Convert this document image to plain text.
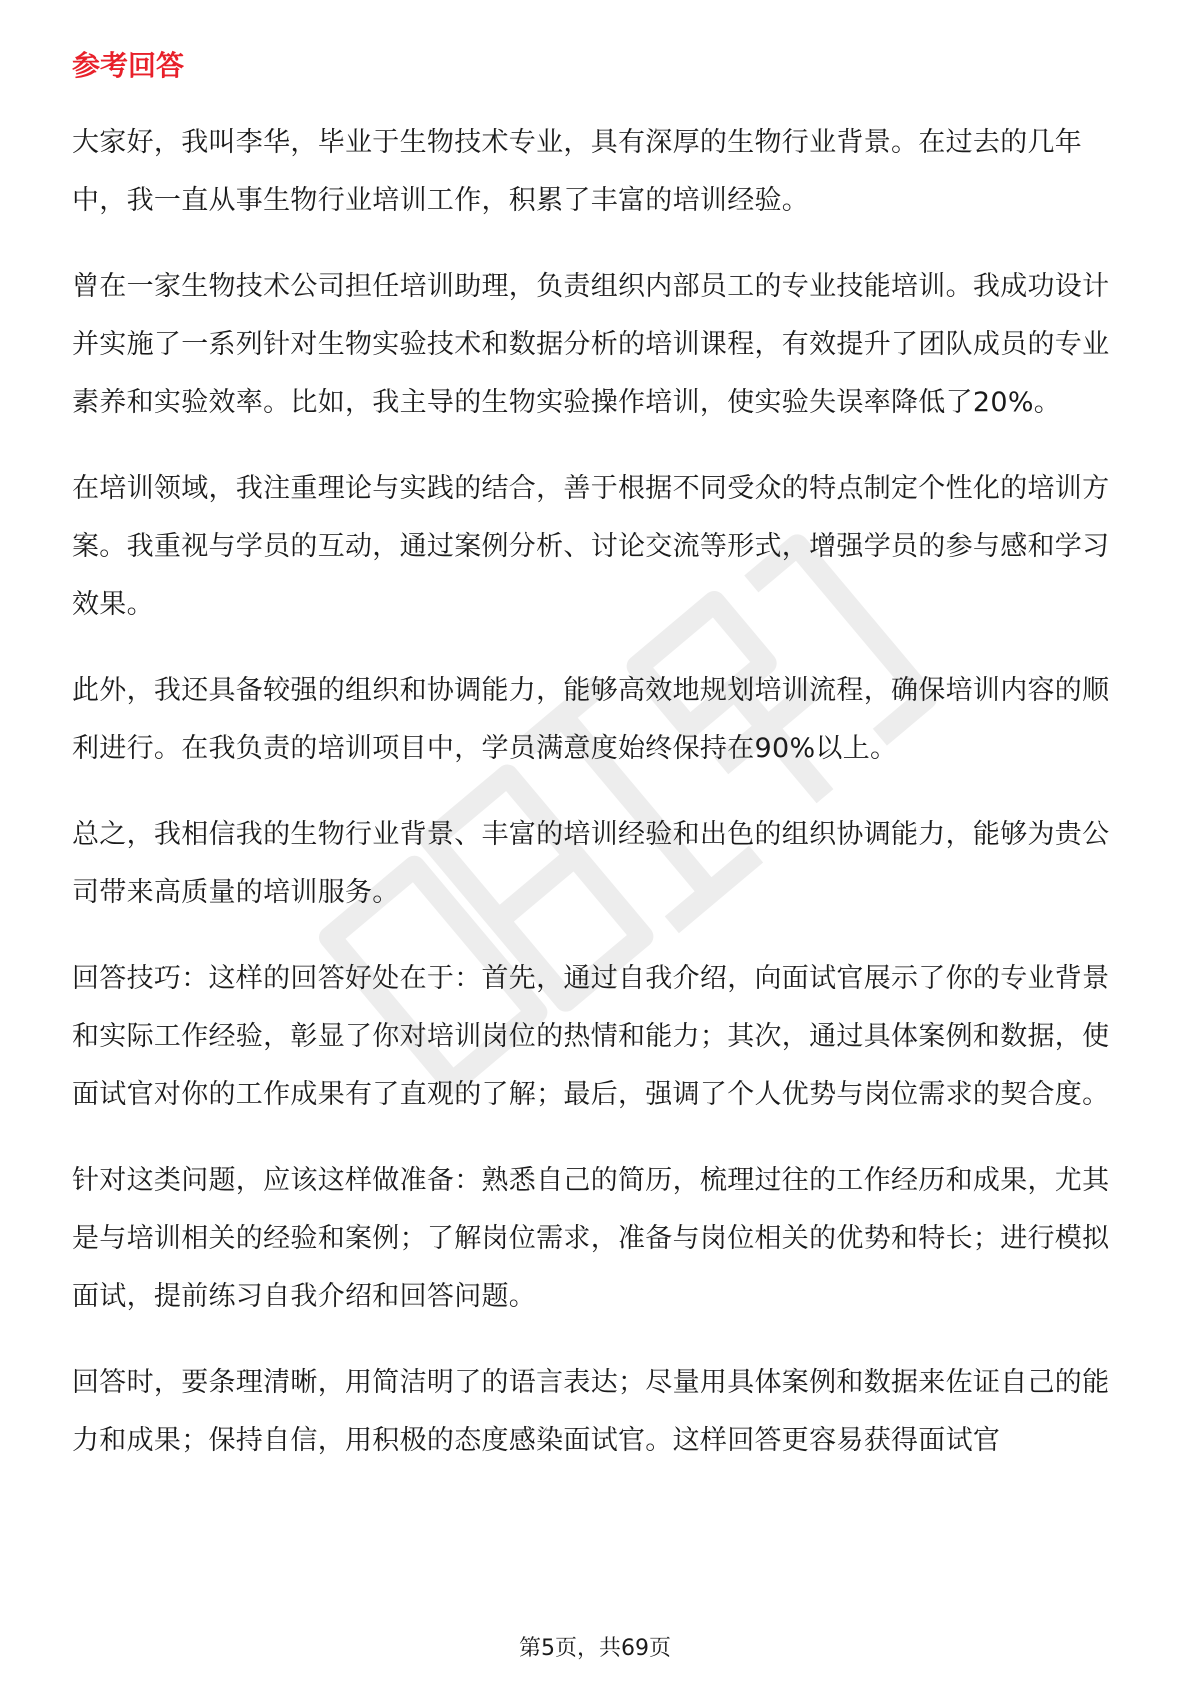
参考回答

大家好，我叫李华，毕业于生物技术专业，具有深厚的生物行业背景。在过去的几年中，我一直从事生物行业培训工作，积累了丰富的培训经验。

曾在一家生物技术公司担任培训助理，负责组织内部员工的专业技能培训。我成功设计并实施了一系列针对生物实验技术和数据分析的培训课程，有效提升了团队成员的专业素养和实验效率。比如，我主导的生物实验操作培训，使实验失误率降低了20%。

在培训领域，我注重理论与实践的结合，善于根据不同受众的特点制定个性化的培训方案。我重视与学员的互动，通过案例分析、讨论交流等形式，增强学员的参与感和学习效果。

此外，我还具备较强的组织和协调能力，能够高效地规划培训流程，确保培训内容的顺利进行。在我负责的培训项目中，学员满意度始终保持在90%以上。

总之，我相信我的生物行业背景、丰富的培训经验和出色的组织协调能力，能够为贵公司带来高质量的培训服务。

回答技巧：这样的回答好处在于：首先，通过自我介绍，向面试官展示了你的专业背景和实际工作经验，彰显了你对培训岗位的热情和能力；其次，通过具体案例和数据，使面试官对你的工作成果有了直观的了解；最后，强调了个人优势与岗位需求的契合度。

针对这类问题，应该这样做准备：熟悉自己的简历，梳理过往的工作经历和成果，尤其是与培训相关的经验和案例；了解岗位需求，准备与岗位相关的优势和特长；进行模拟面试，提前练习自我介绍和回答问题。

回答时，要条理清晰，用简洁明了的语言表达；尽量用具体案例和数据来佐证自己的能力和成果；保持自信，用积极的态度感染面试官。这样回答更容易获得面试官

第5页，共69页
